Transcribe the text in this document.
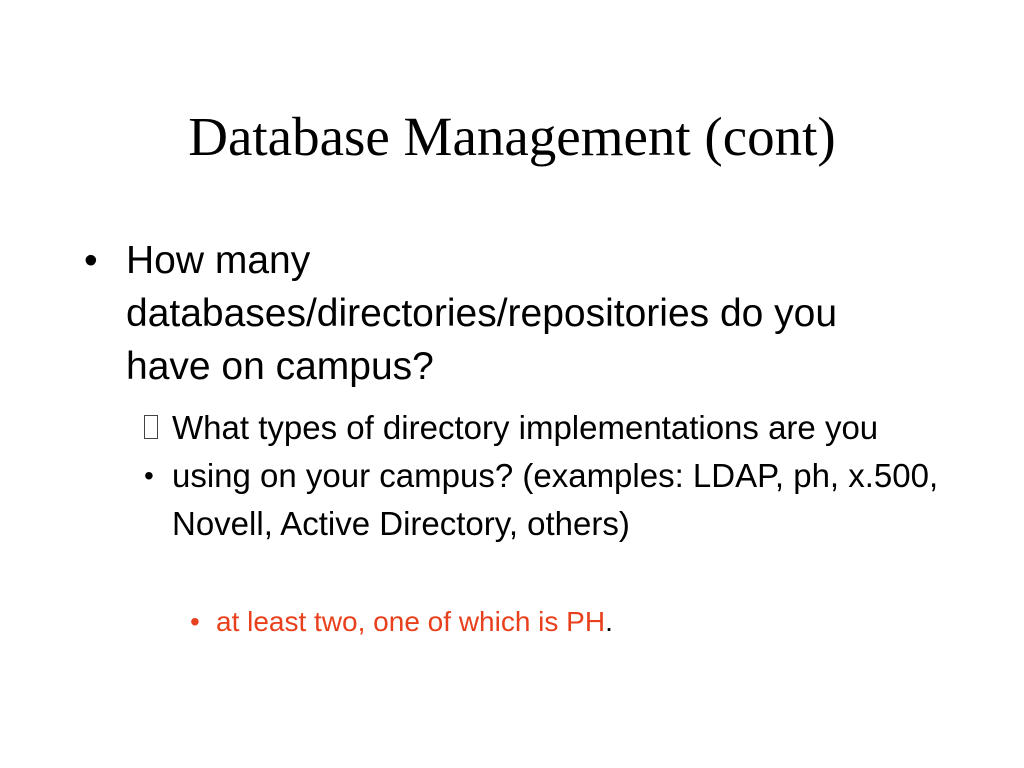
Database Management (cont)
• How many databases/directories/repositories do you have on campus?
•
What types of directory implementations are you using on your campus? (examples: LDAP, ph, x.500, Novell, Active Directory, others)
• at least two, one of which is PH.
